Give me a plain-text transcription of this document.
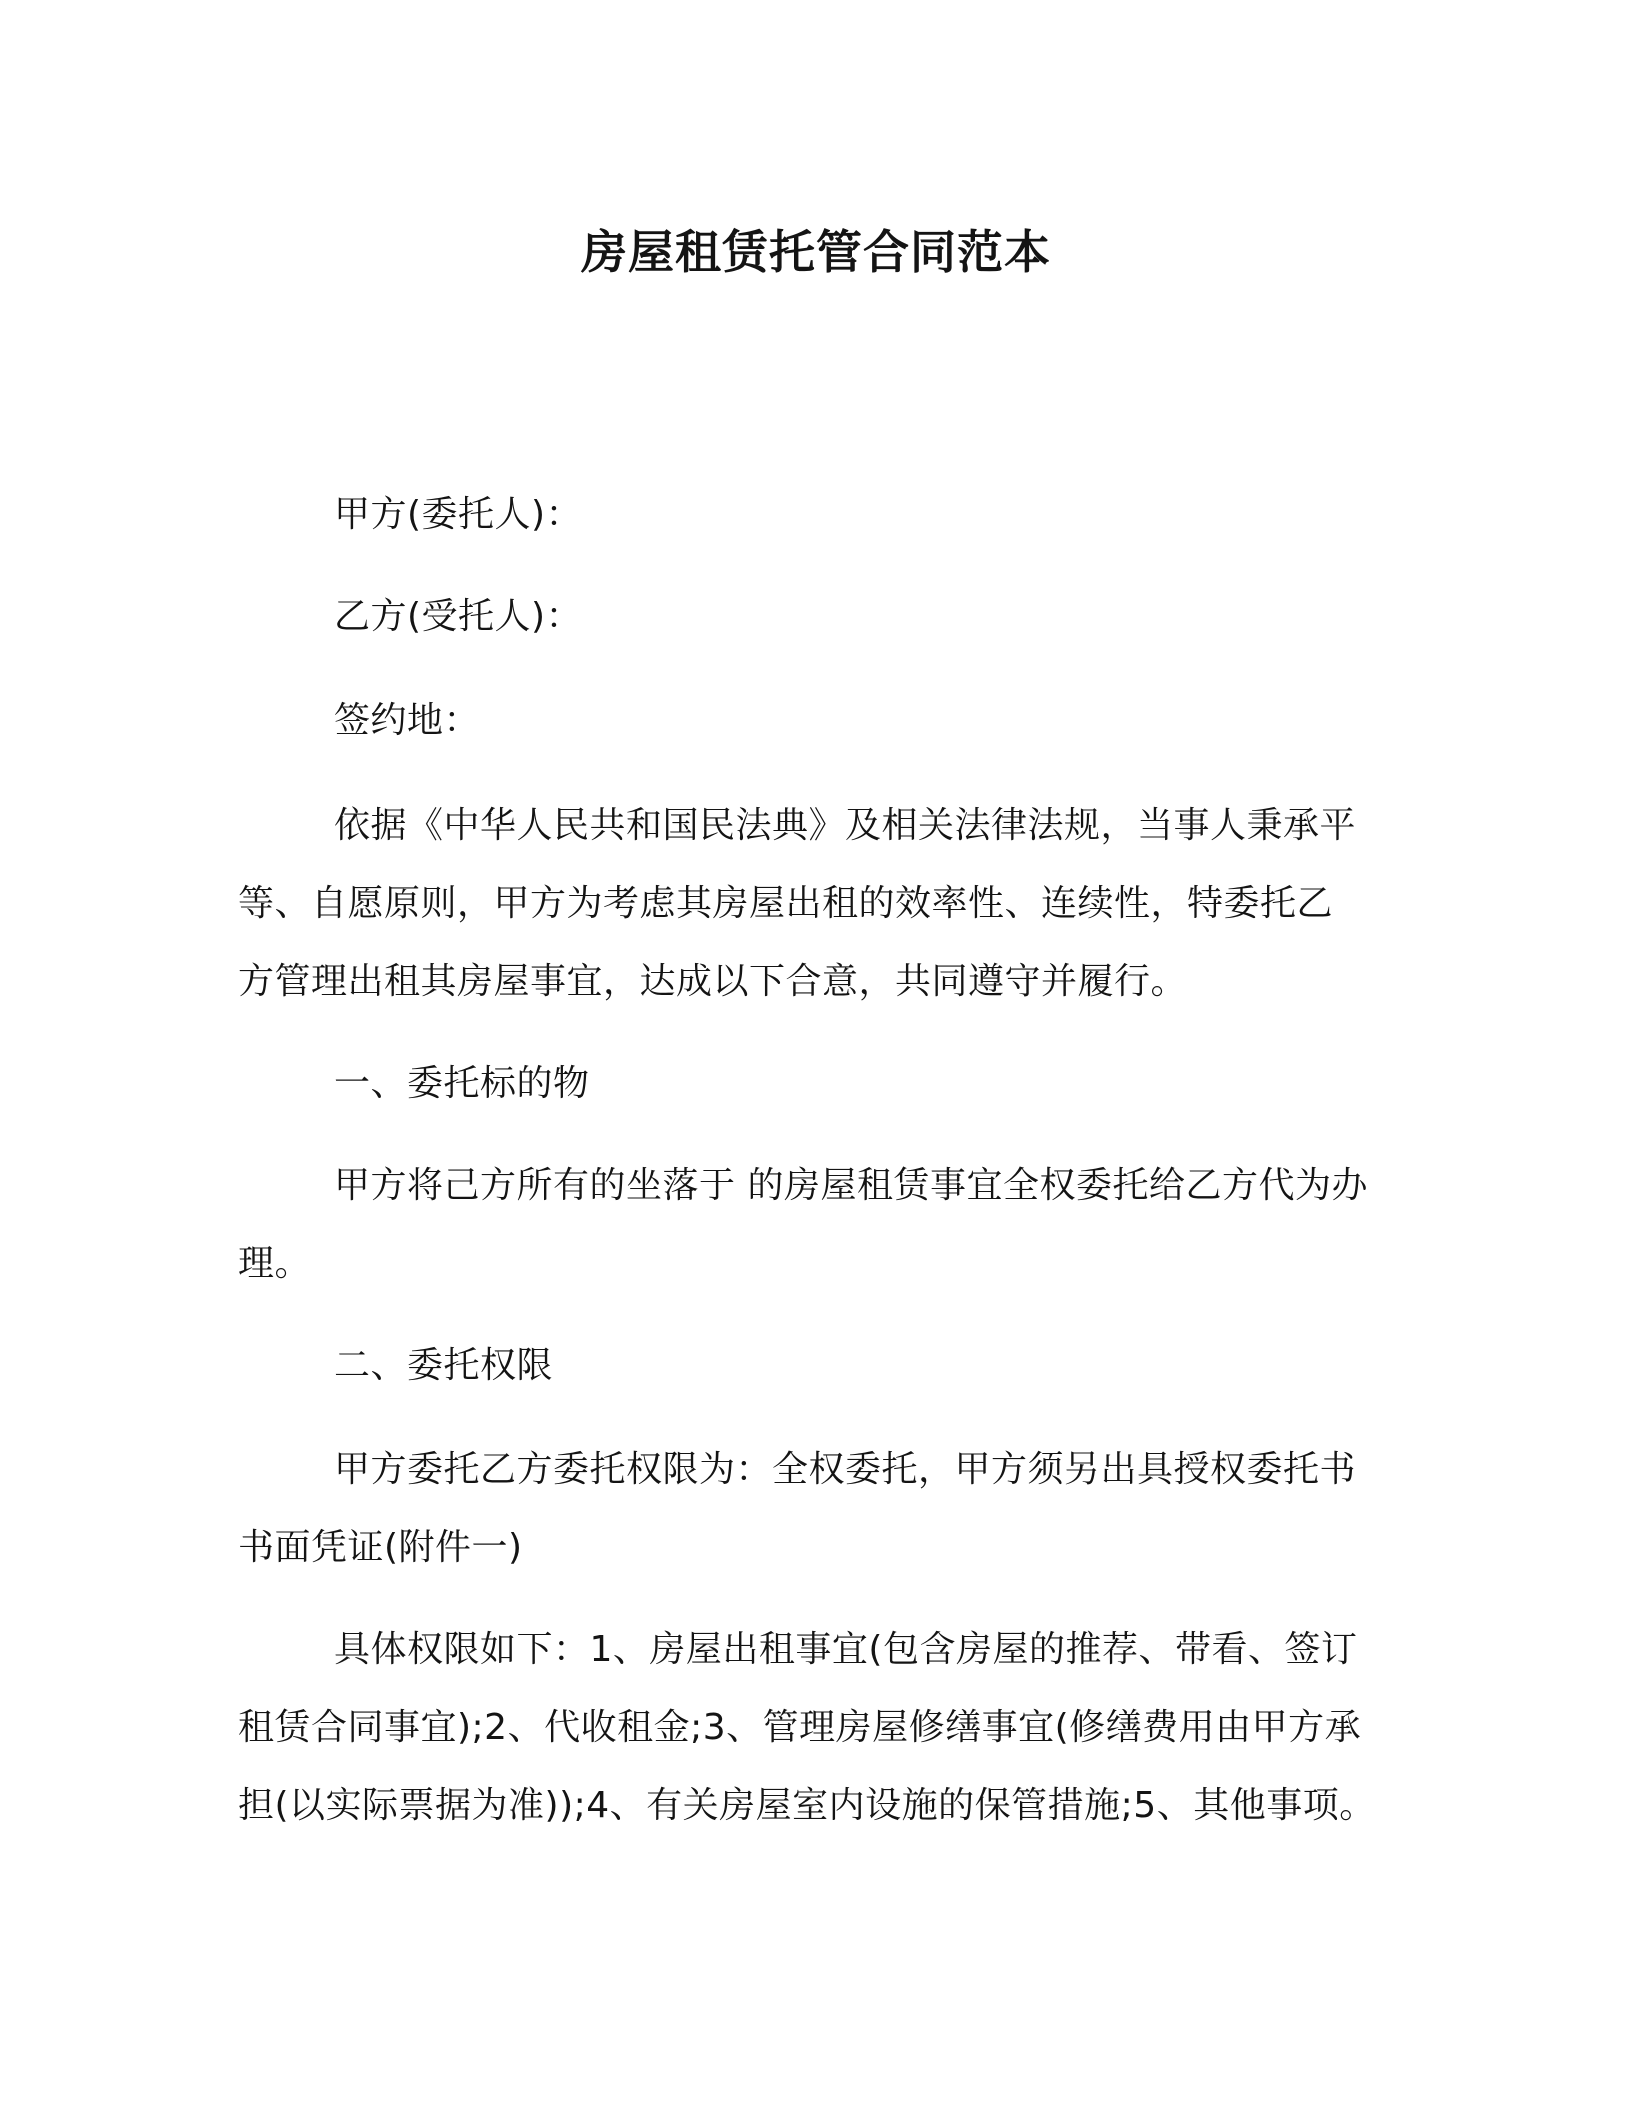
房屋租赁托管合同范本
甲方(委托人)：
乙方(受托人)：
签约地：
依据《中华人民共和国民法典》及相关法律法规，当事人秉承平
等、自愿原则，甲方为考虑其房屋出租的效率性、连续性，特委托乙
方管理出租其房屋事宜，达成以下合意，共同遵守并履行。
一、委托标的物
甲方将己方所有的坐落于 的房屋租赁事宜全权委托给乙方代为办
理。
二、委托权限
甲方委托乙方委托权限为：全权委托，甲方须另出具授权委托书
书面凭证(附件一)
具体权限如下：1、房屋出租事宜(包含房屋的推荐、带看、签订
租赁合同事宜);2、代收租金;3、管理房屋修缮事宜(修缮费用由甲方承
担(以实际票据为准));4、有关房屋室内设施的保管措施;5、其他事项。
